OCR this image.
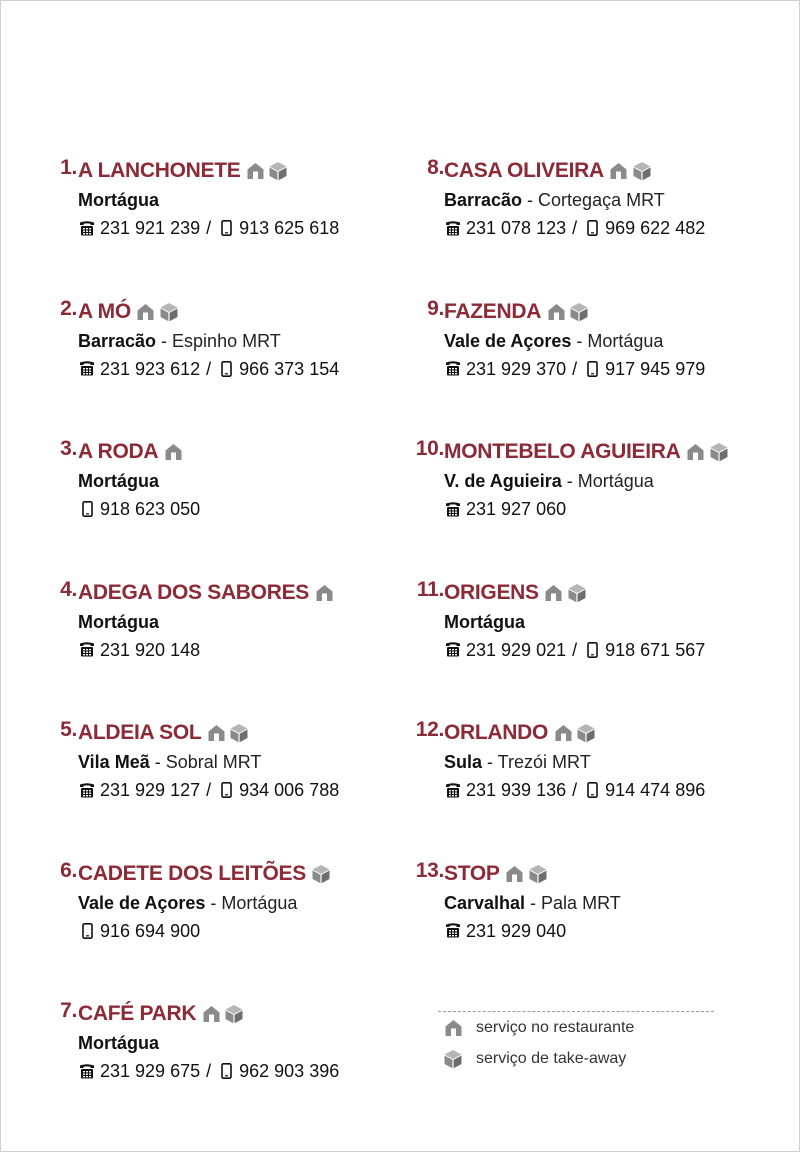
1. A LANCHONETE
Mortágua
231 921 239 / 913 625 618
2. A MÓ
Barracão - Espinho MRT
231 923 612 / 966 373 154
3. A RODA
Mortágua
918 623 050
4. ADEGA DOS SABORES
Mortágua
231 920 148
5. ALDEIA SOL
Vila Meã - Sobral MRT
231 929 127 / 934 006 788
6. CADETE DOS LEITÕES
Vale de Açores - Mortágua
916 694 900
7. CAFÉ PARK
Mortágua
231 929 675 / 962 903 396
8. CASA OLIVEIRA
Barracão - Cortegaça MRT
231 078 123 / 969 622 482
9. FAZENDA
Vale de Açores - Mortágua
231 929 370 / 917 945 979
10. MONTEBELO AGUIEIRA
V. de Aguieira - Mortágua
231 927 060
11. ORIGENS
Mortágua
231 929 021 / 918 671 567
12. ORLANDO
Sula - Trezói MRT
231 939 136 / 914 474 896
13. STOP
Carvalhal - Pala MRT
231 929 040
serviço no restaurante
serviço de take-away
